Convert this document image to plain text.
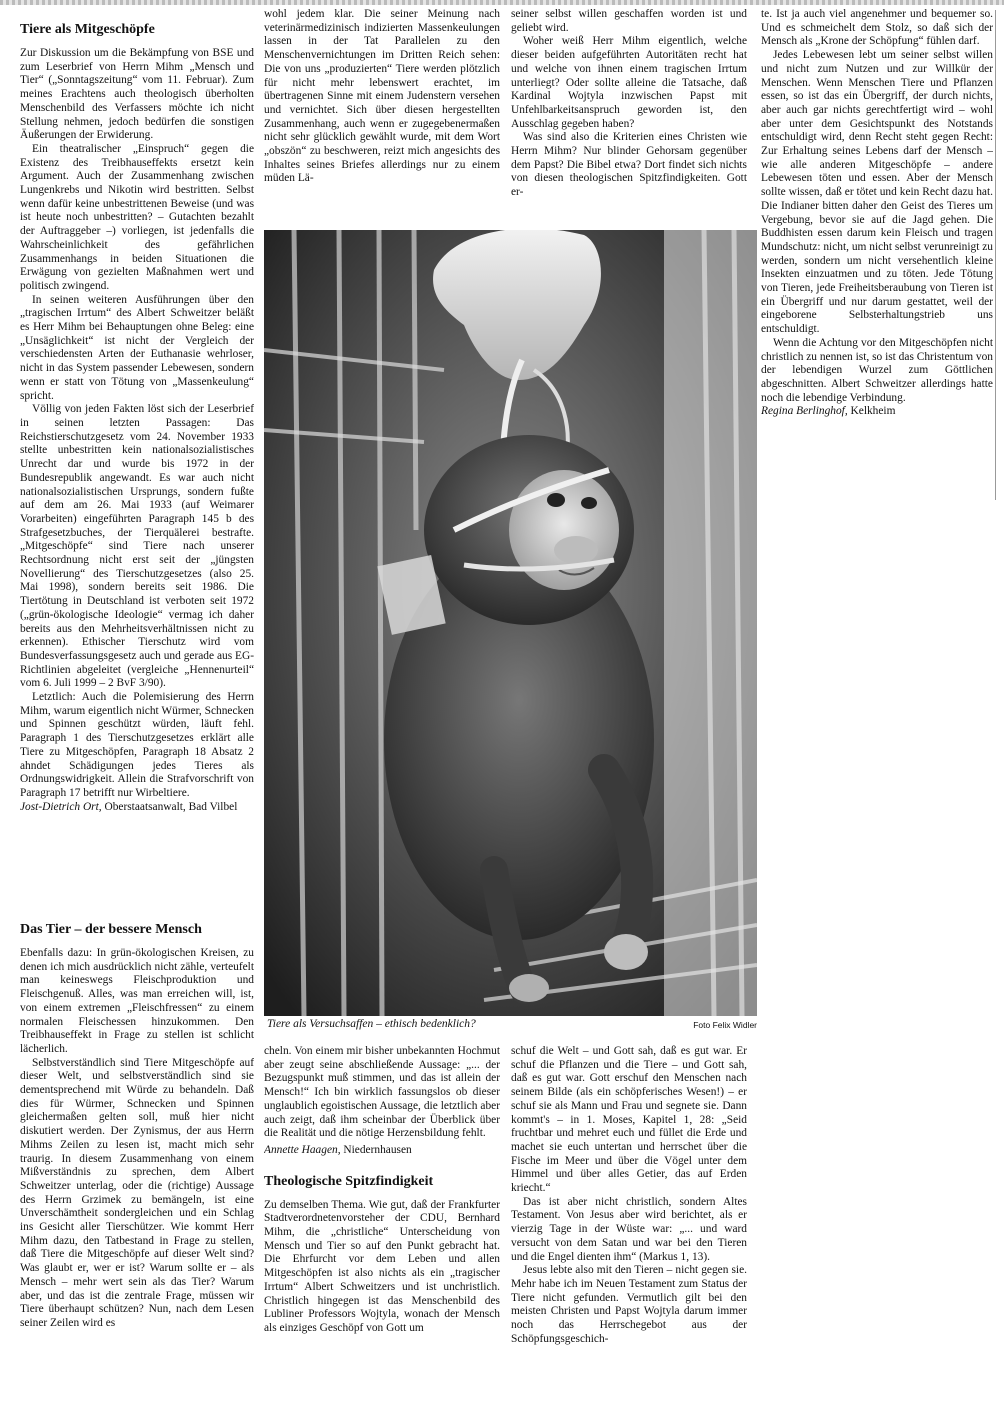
Tiere als Mitgeschöpfe

Zur Diskussion um die Bekämpfung von BSE und zum Leserbrief von Herrn Mihm „Mensch und Tier“ („Sonntagszeitung“ vom 11. Februar). Zum meines Erachtens auch theologisch überholten Menschenbild des Verfassers möchte ich nicht Stellung nehmen, jedoch bedürfen die sonstigen Äußerungen der Erwiderung.

Ein theatralischer „Einspruch“ gegen die Existenz des Treibhauseffekts ersetzt kein Argument. Auch der Zusammenhang zwischen Lungenkrebs und Nikotin wird bestritten. Selbst wenn dafür keine unbestrittenen Beweise (und was ist heute noch unbestritten? – Gutachten bezahlt der Auftraggeber –) vorliegen, ist jedenfalls die Wahrscheinlichkeit des gefährlichen Zusammenhangs in beiden Situationen die Erwägung von gezielten Maßnahmen wert und politisch zwingend.

In seinen weiteren Ausführungen über den „tragischen Irrtum“ des Albert Schweitzer beläßt es Herr Mihm bei Behauptungen ohne Beleg: eine „Unsäglichkeit“ ist nicht der Vergleich der verschiedensten Arten der Euthanasie wehrloser, nicht in das System passender Lebewesen, sondern wenn er statt von Tötung von „Massenkeulung“ spricht.

Völlig von jeden Fakten löst sich der Leserbrief in seinen letzten Passagen: Das Reichstierschutzgesetz vom 24. November 1933 stellte unbestritten kein nationalsozialistisches Unrecht dar und wurde bis 1972 in der Bundesrepublik angewandt. Es war auch nicht nationalsozialistischen Ursprungs, sondern fußte auf dem am 26. Mai 1933 (auf Weimarer Vorarbeiten) eingeführten Paragraph 145 b des Strafgesetzbuches, der Tierquälerei bestrafte. „Mitgeschöpfe“ sind Tiere nach unserer Rechtsordnung nicht erst seit der „jüngsten Novellierung“ des Tierschutzgesetzes (also 25. Mai 1998), sondern bereits seit 1986. Die Tiertötung in Deutschland ist verboten seit 1972 („grün-ökologische Ideologie“ vermag ich daher bereits aus den Mehrheitsverhältnissen nicht zu erkennen). Ethischer Tierschutz wird vom Bundesverfassungsgesetz auch und gerade aus EG-Richtlinien abgeleitet (vergleiche „Hennenurteil“ vom 6. Juli 1999 – 2 BvF 3/90).

Letztlich: Auch die Polemisierung des Herrn Mihm, warum eigentlich nicht Würmer, Schnecken und Spinnen geschützt würden, läuft fehl. Paragraph 1 des Tierschutzgesetzes erklärt alle Tiere zu Mitgeschöpfen, Paragraph 18 Absatz 2 ahndet Schädigungen jedes Tieres als Ordnungswidrigkeit. Allein die Strafvorschrift von Paragraph 17 betrifft nur Wirbeltiere.

Jost-Dietrich Ort, Oberstaatsanwalt, Bad Vilbel

Das Tier – der bessere Mensch

Ebenfalls dazu: In grün-ökologischen Kreisen, zu denen ich mich ausdrücklich nicht zähle, verteufelt man keineswegs Fleischproduktion und Fleischgenuß. Alles, was man erreichen will, ist, von einem extremen „Fleischfressen“ zu einem normalen Fleischessen hinzukommen. Den Treibhauseffekt in Frage zu stellen ist schlicht lächerlich.

Selbstverständlich sind Tiere Mitgeschöpfe auf dieser Welt, und selbstverständlich sind sie dementsprechend mit Würde zu behandeln. Daß dies für Würmer, Schnecken und Spinnen gleichermaßen gelten soll, muß hier nicht diskutiert werden. Der Zynismus, der aus Herrn Mihms Zeilen zu lesen ist, macht mich sehr traurig. In diesem Zusammenhang von einem Mißverständnis zu sprechen, dem Albert Schweitzer unterlag, oder die (richtige) Aussage des Herrn Grzimek zu bemängeln, ist eine Unverschämtheit sondergleichen und ein Schlag ins Gesicht aller Tierschützer. Wie kommt Herr Mihm dazu, den Tatbestand in Frage zu stellen, daß Tiere die Mitgeschöpfe auf dieser Welt sind? Was glaubt er, wer er ist? Warum sollte er – als Mensch – mehr wert sein als das Tier? Warum aber, und das ist die zentrale Frage, müssen wir Tiere überhaupt schützen? Nun, nach dem Lesen seiner Zeilen wird es

wohl jedem klar. Die seiner Meinung nach veterinärmedizinisch indizierten Massenkeulungen lassen in der Tat Parallelen zu den Menschenvernichtungen im Dritten Reich sehen: Die von uns „produzierten“ Tiere werden plötzlich für nicht mehr lebenswert erachtet, im übertragenen Sinne mit einem Judenstern versehen und vernichtet. Sich über diesen hergestellten Zusammenhang, auch wenn er zugegebenermaßen nicht sehr glücklich gewählt wurde, mit dem Wort „obszön“ zu beschweren, reizt mich angesichts des Inhaltes seines Briefes allerdings nur zu einem müden Lä-

seiner selbst willen geschaffen worden ist und geliebt wird.

Woher weiß Herr Mihm eigentlich, welche dieser beiden aufgeführten Autoritäten recht hat und welche von ihnen einem tragischen Irrtum unterliegt? Oder sollte alleine die Tatsache, daß Kardinal Wojtyla inzwischen Papst mit Unfehlbarkeitsanspruch geworden ist, den Ausschlag gegeben haben?

Was sind also die Kriterien eines Christen wie Herrn Mihm? Nur blinder Gehorsam gegenüber dem Papst? Die Bibel etwa? Dort findet sich nichts von diesen theologischen Spitzfindigkeiten. Gott er-

te. Ist ja auch viel angenehmer und bequemer so. Und es schmeichelt dem Stolz, so daß sich der Mensch als „Krone der Schöpfung“ fühlen darf.

Jedes Lebewesen lebt um seiner selbst willen und nicht zum Nutzen und zur Willkür der Menschen. Wenn Menschen Tiere und Pflanzen essen, so ist das ein Übergriff, der durch nichts, aber auch gar nichts gerechtfertigt wird – wohl aber unter dem Gesichtspunkt des Notstands entschuldigt wird, denn Recht steht gegen Recht: Zur Erhaltung seines Lebens darf der Mensch – wie alle anderen Mitgeschöpfe – andere Lebewesen töten und essen. Aber der Mensch sollte wissen, daß er tötet und kein Recht dazu hat. Die Indianer bitten daher den Geist des Tieres um Vergebung, bevor sie auf die Jagd gehen. Die Buddhisten essen darum kein Fleisch und tragen Mundschutz: nicht, um nicht selbst verunreinigt zu werden, sondern um nicht versehentlich kleine Insekten einzuatmen und zu töten. Jede Tötung von Tieren, jede Freiheitsberaubung von Tieren ist ein Übergriff und nur darum gestattet, weil der eingeborene Selbsterhaltungstrieb uns entschuldigt.

Wenn die Achtung vor den Mitgeschöpfen nicht christlich zu nennen ist, so ist das Christentum von der lebendigen Wurzel zum Göttlichen abgeschnitten. Albert Schweitzer allerdings hatte noch die lebendige Verbindung.

Regina Berlinghof, Kelkheim

Tiere als Versuchsaffen – ethisch bedenklich?	Foto Felix Widler

cheln. Von einem mir bisher unbekannten Hochmut aber zeugt seine abschließende Aussage: „... der Bezugspunkt muß stimmen, und das ist allein der Mensch!“ Ich bin wirklich fassungslos ob dieser unglaublich egoistischen Aussage, die letztlich aber auch zeigt, daß ihm scheinbar der Überblick über die Realität und die nötige Herzensbildung fehlt.

Annette Haagen, Niedernhausen

Theologische Spitzfindigkeit

Zu demselben Thema. Wie gut, daß der Frankfurter Stadtverordnetenvorsteher der CDU, Bernhard Mihm, die „christliche“ Unterscheidung von Mensch und Tier so auf den Punkt gebracht hat. Die Ehrfurcht vor dem Leben und allen Mitgeschöpfen ist also nichts als ein „tragischer Irrtum“ Albert Schweitzers und ist unchristlich. Christlich hingegen ist das Menschenbild des Lubliner Professors Wojtyla, wonach der Mensch als einziges Geschöpf von Gott um

schuf die Welt – und Gott sah, daß es gut war. Er schuf die Pflanzen und die Tiere – und Gott sah, daß es gut war. Gott erschuf den Menschen nach seinem Bilde (als ein schöpferisches Wesen!) – er schuf sie als Mann und Frau und segnete sie. Dann kommt's – in 1. Moses, Kapitel 1, 28: „Seid fruchtbar und mehret euch und füllet die Erde und machet sie euch untertan und herrschet über die Fische im Meer und über die Vögel unter dem Himmel und über alles Getier, das auf Erden kriecht.“

Das ist aber nicht christlich, sondern Altes Testament. Von Jesus aber wird berichtet, als er vierzig Tage in der Wüste war: „... und ward versucht von dem Satan und war bei den Tieren und die Engel dienten ihm“ (Markus 1, 13).

Jesus lebte also mit den Tieren – nicht gegen sie. Mehr habe ich im Neuen Testament zum Status der Tiere nicht gefunden. Vermutlich gilt bei den meisten Christen und Papst Wojtyla darum immer noch das Herrschegebot aus der Schöpfungsgeschich-
